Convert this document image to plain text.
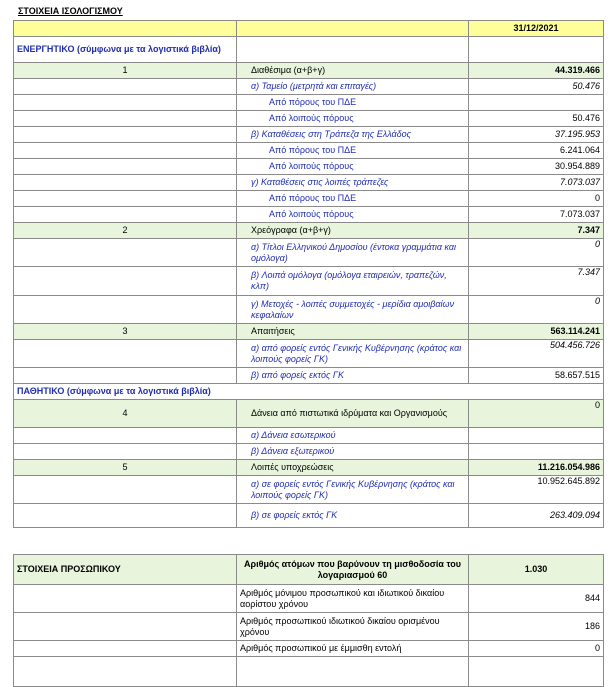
ΣΤΟΙΧΕΙΑ ΙΣΟΛΟΓΙΣΜΟΥ
		31/12/2021
ΕΝΕΡΓΗΤΙΚΟ (σύμφωνα με τα λογιστικά βιβλία)		
1	Διαθέσιμα (α+β+γ)	44.319.466
	α) Ταμείο (μετρητά και επιταγές)	50.476
	Από πόρους του ΠΔΕ	
	Από λοιπούς πόρους	50.476
	β) Καταθέσεις στη Τράπεζα της Ελλάδος	37.195.953
	Από πόρους του ΠΔΕ	6.241.064
	Από λοιπούς πόρους	30.954.889
	γ) Καταθέσεις στις λοιπές τράπεζες	7.073.037
	Από πόρους του ΠΔΕ	0
	Από λοιπούς πόρους	7.073.037
2	Χρεόγραφα (α+β+γ)	7.347
	α) Τίτλοι Ελληνικού Δημοσίου (έντοκα γραμμάτια και ομόλογα)	0
	β) Λοιπά ομόλογα (ομόλογα εταιρειών, τραπεζών, κλπ)	7.347
	γ) Μετοχές - λοιπές συμμετοχές - μερίδια αμοιβαίων κεφαλαίων	0
3	Απαιτήσεις	563.114.241
	α) από φορείς εντός Γενικής Κυβέρνησης (κράτος και λοιπούς φορείς ΓΚ)	504.456.726
	β) από φορείς εκτός ΓΚ	58.657.515
ΠΑΘΗΤΙΚΟ (σύμφωνα με τα λογιστικά βιβλία)		
4	Δάνεια από πιστωτικά ιδρύματα και Οργανισμούς	0
	α) Δάνεια εσωτερικού	
	β) Δάνεια εξωτερικού	
5	Λοιπές υποχρεώσεις	11.216.054.986
	α) σε φορείς εντός Γενικής Κυβέρνησης (κράτος και λοιπούς φορείς ΓΚ)	10.952.645.892
	β) σε φορείς εκτός ΓΚ	263.409.094
ΣΤΟΙΧΕΙΑ ΠΡΟΣΩΠΙΚΟΥ	Αριθμός ατόμων που βαρύνουν τη μισθοδοσία του λογαριασμού 60	1.030
	Αριθμός μόνιμου προσωπικού και ιδιωτικού δικαίου αορίστου χρόνου	844
	Αριθμός προσωπικού ιδιωτικού δικαίου ορισμένου χρόνου	186
	Αριθμός προσωπικού με έμμισθη εντολή	0
